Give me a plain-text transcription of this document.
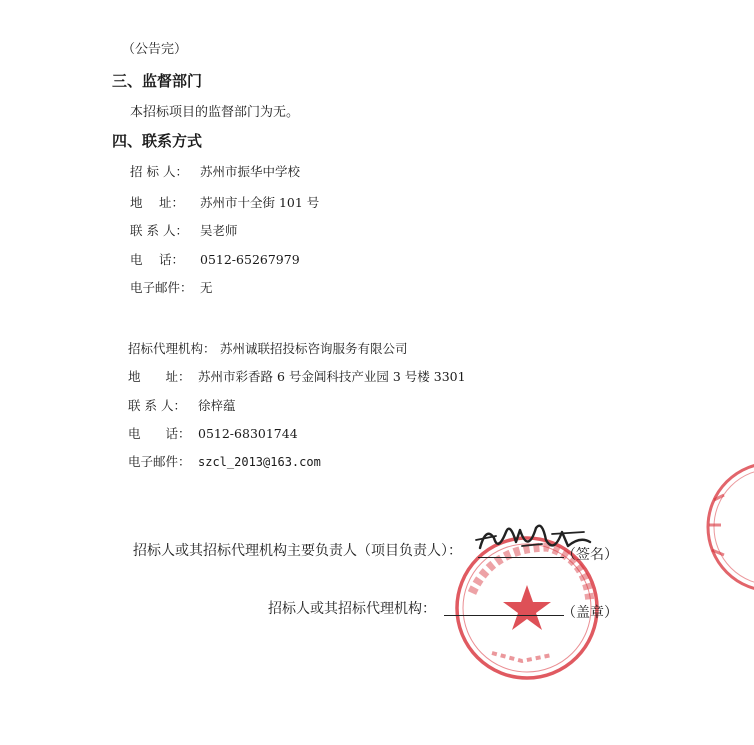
（公告完）
三、监督部门
本招标项目的监督部门为无。
四、联系方式
招 标 人： 苏州市振华中学校
地　 址： 苏州市十全街 101 号
联 系 人： 吴老师
电　 话： 0512-65267979
电子邮件： 无
招标代理机构： 苏州诚联招投标咨询服务有限公司
地　　址： 苏州市彩香路 6 号金阊科技产业园 3 号楼 3301
联 系 人： 徐梓蕴
电　　话： 0512-68301744
电子邮件： szcl_2013@163.com
招标人或其招标代理机构主要负责人（项目负责人）：	（签名）
招标人或其招标代理机构：	（盖章）
